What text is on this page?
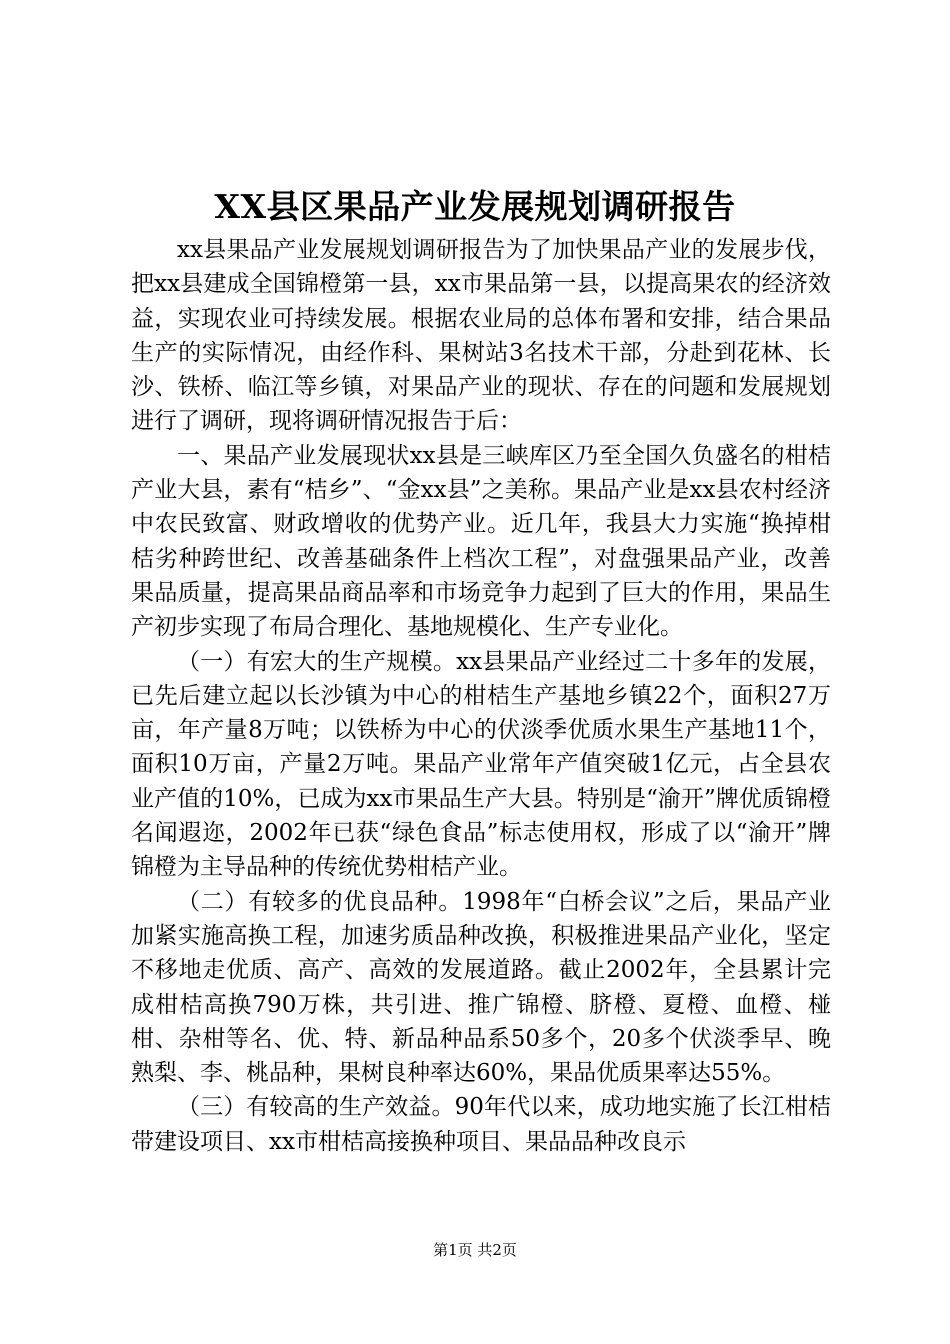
XX县区果品产业发展规划调研报告

xx县果品产业发展规划调研报告为了加快果品产业的发展步伐，把xx县建成全国锦橙第一县，xx市果品第一县，以提高果农的经济效益，实现农业可持续发展。根据农业局的总体布署和安排，结合果品生产的实际情况，由经作科、果树站3名技术干部，分赴到花林、长沙、铁桥、临江等乡镇，对果品产业的现状、存在的问题和发展规划进行了调研，现将调研情况报告于后：

一、果品产业发展现状xx县是三峡库区乃至全国久负盛名的柑桔产业大县，素有“桔乡”、“金xx县”之美称。果品产业是xx县农村经济中农民致富、财政增收的优势产业。近几年，我县大力实施“换掉柑桔劣种跨世纪、改善基础条件上档次工程”，对盘强果品产业，改善果品质量，提高果品商品率和市场竞争力起到了巨大的作用，果品生产初步实现了布局合理化、基地规模化、生产专业化。

（一）有宏大的生产规模。xx县果品产业经过二十多年的发展，已先后建立起以长沙镇为中心的柑桔生产基地乡镇22个，面积27万亩，年产量8万吨；以铁桥为中心的伏淡季优质水果生产基地11个，面积10万亩，产量2万吨。果品产业常年产值突破1亿元，占全县农业产值的10%，已成为xx市果品生产大县。特别是“渝开”牌优质锦橙名闻遐迩，2002年已获“绿色食品”标志使用权，形成了以“渝开”牌锦橙为主导品种的传统优势柑桔产业。

（二）有较多的优良品种。1998年“白桥会议”之后，果品产业加紧实施高换工程，加速劣质品种改换，积极推进果品产业化，坚定不移地走优质、高产、高效的发展道路。截止2002年，全县累计完成柑桔高换790万株，共引进、推广锦橙、脐橙、夏橙、血橙、椪柑、杂柑等名、优、特、新品种品系50多个，20多个伏淡季早、晚熟梨、李、桃品种，果树良种率达60%，果品优质果率达55%。

（三）有较高的生产效益。90年代以来，成功地实施了长江柑桔带建设项目、xx市柑桔高接换种项目、果品品种改良示

第1页 共2页
